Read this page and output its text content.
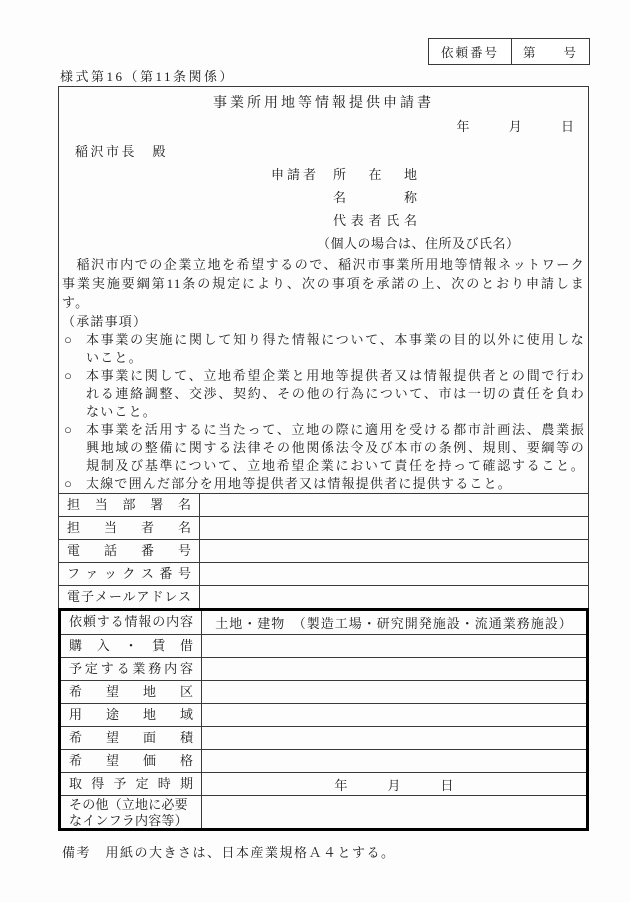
依頼番号	第 号
様式第16（第11条関係）
事業所用地等情報提供申請書
年	月	日
稲沢市長　殿
申請者	所在地
名称
代表者氏名
（個人の場合は、住所及び氏名）
　稲沢市内での企業立地を希望するので、稲沢市事業所用地等情報ネットワーク
事業実施要綱第11条の規定により、次の事項を承諾の上、次のとおり申請しま
す。
（承諾事項）
○ 本事業の実施に関して知り得た情報について、本事業の目的以外に使用しな
いこと。
○ 本事業に関して、立地希望企業と用地等提供者又は情報提供者との間で行わ
れる連絡調整、交渉、契約、その他の行為について、市は一切の責任を負わ
ないこと。
○ 本事業を活用するに当たって、立地の際に適用を受ける都市計画法、農業振
興地域の整備に関する法律その他関係法令及び本市の条例、規則、要綱等の
規制及び基準について、立地希望企業において責任を持って確認すること。
○ 太線で囲んだ部分を用地等提供者又は情報提供者に提供すること。
担当部署名
担当者名
電話番号
ファックス番号
電子メールアドレス
依頼する情報の内容	土地・建物　（製造工場・研究開発施設・流通業務施設）
購入・賃借
予定する業務内容
希望地区
用途地域
希望面積
希望価格
取得予定時期	年	月	日
その他（立地に必要
なインフラ内容等）
備考　用紙の大きさは、日本産業規格Ａ４とする。
